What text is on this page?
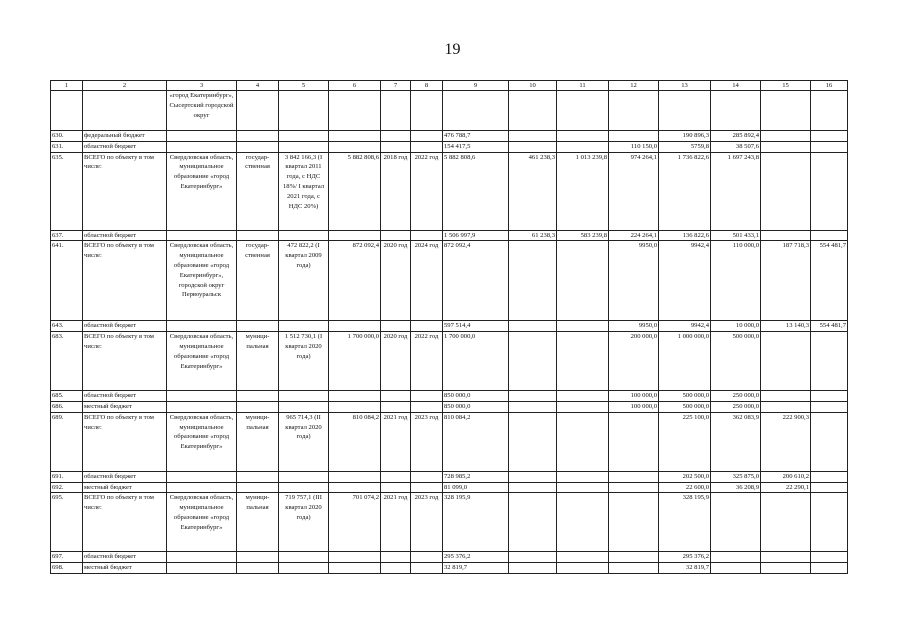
19
1	2	3	4	5	6	7	8	9	10	11	12	13	14	15	16
		«город Екатеринбург», Сысертский городской округ													
630.	федеральный бюджет							476 788,7				190 896,3	285 892,4		
631.	областной бюджет							154 417,5			110 150,0	5759,8	38 507,6		
635.	ВСЕГО по объекту в том числе:	Свердловская область, муниципальное образование «город Екатеринбург»	государ-ственная	3 842 166,3 (I квартал 2011 года, с НДС 18%/ I квартал 2021 года, с НДС 20%)	5 882 808,6	2018 год	2022 год	5 882 808,6	461 238,3	1 013 239,8	974 264,1	1 736 822,6	1 697 243,8		
637.	областной бюджет							1 506 997,9	61 238,3	583 239,8	224 264,1	136 822,6	501 433,1		
641.	ВСЕГО по объекту в том числе:	Свердловская область, муниципальное образование «город Екатеринбург», городской округ Первоуральск	государ-ственная	472 822,2 (I квартал 2009 года)	872 092,4	2020 год	2024 год	872 092,4			9950,0	9942,4	110 000,0	187 718,3	554 481,7
643.	областной бюджет							597 514,4			9950,0	9942,4	10 000,0	13 140,3	554 481,7
683.	ВСЕГО по объекту в том числе:	Свердловская область, муниципальное образование «город Екатеринбург»	муници-пальная	1 512 730,1 (I квартал 2020 года)	1 700 000,0	2020 год	2022 год	1 700 000,0			200 000,0	1 000 000,0	500 000,0		
685.	областной бюджет							850 000,0			100 000,0	500 000,0	250 000,0		
686.	местный бюджет							850 000,0			100 000,0	500 000,0	250 000,0		
689.	ВСЕГО по объекту в том числе:	Свердловская область, муниципальное образование «город Екатеринбург»	муници-пальная	965 714,3 (II квартал 2020 года)	810 084,2	2021 год	2023 год	810 084,2				225 100,0	362 083,9	222 900,3	
691.	областной бюджет							728 985,2				202 500,0	325 875,0	200 610,2	
692.	местный бюджет							81 099,0				22 600,0	36 208,9	22 290,1	
695.	ВСЕГО по объекту в том числе:	Свердловская область, муниципальное образование «город Екатеринбург»	муници-пальная	719 757,1 (III квартал 2020 года)	701 074,2	2021 год	2023 год	328 195,9				328 195,9			
697.	областной бюджет							295 376,2				295 376,2			
698.	местный бюджет							32 819,7				32 819,7			
